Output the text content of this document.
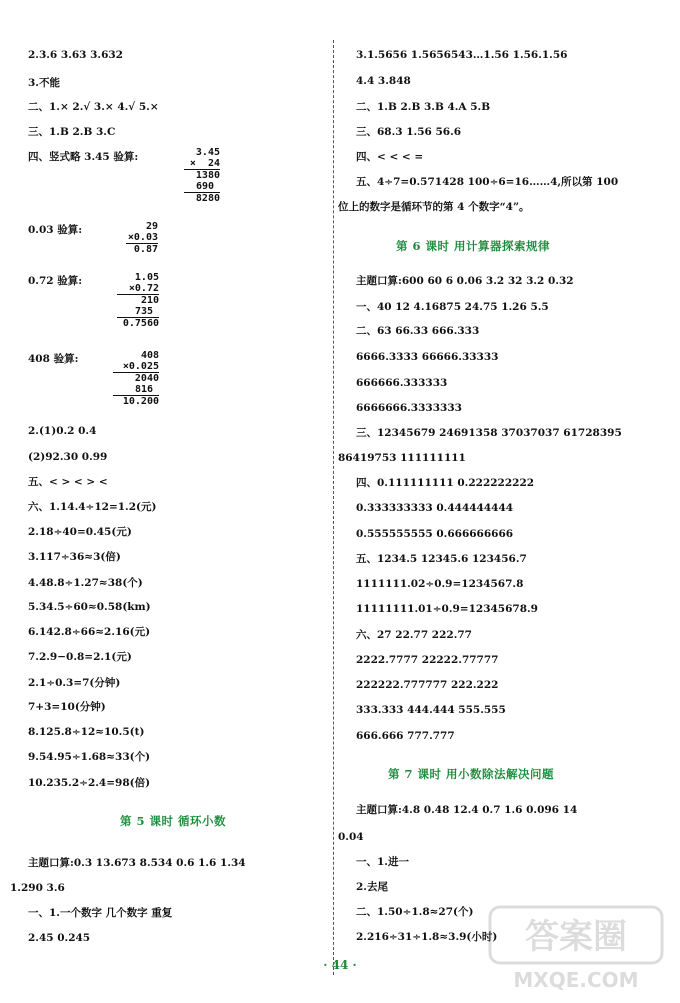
2.3.6 3.63 3.632
3.不能
二、1.× 2.√ 3.× 4.√ 5.×
三、1.B 2.B 3.C
四、竖式略 3.45 验算:	3.45
×  24
1380
690
8280
0.03 验算:	29
×0.03
0.87
0.72 验算:	1.05
×0.72
210
735
0.7560
408 验算:	408
×0.025
2040
816
10.200
2.(1)0.2 0.4
(2)92.30 0.99
五、< > < > <
六、1.14.4÷12=1.2(元)
2.18÷40=0.45(元)
3.117÷36≈3(倍)
4.48.8÷1.27≈38(个)
5.34.5÷60≈0.58(km)
6.142.8÷66≈2.16(元)
7.2.9−0.8=2.1(元)
2.1÷0.3=7(分钟)
7+3=10(分钟)
8.125.8÷12≈10.5(t)
9.54.95÷1.68≈33(个)
10.235.2÷2.4=98(倍)
第 5 课时 循环小数
主题口算:0.3 13.673 8.534 0.6 1.6 1.34
1.290 3.6
一、1.一个数字 几个数字 重复
2.45 0.245
3.1.5656 1.5656543…1.56 1.56.1.56
4.4 3.848
二、1.B 2.B 3.B 4.A 5.B
三、68.3 1.56 56.6
四、< < < =
五、4÷7=0.571428 100÷6=16……4,所以第 100
位上的数字是循环节的第 4 个数字“4”。
第 6 课时 用计算器探索规律
主题口算:600 60 6 0.06 3.2 32 3.2 0.32
一、40 12 4.16875 24.75 1.26 5.5
二、63 66.33 666.333
6666.3333 66666.33333
666666.333333
6666666.3333333
三、12345679 24691358 37037037 61728395
86419753 111111111
四、0.111111111 0.222222222
0.333333333 0.444444444
0.555555555 0.666666666
五、1234.5 12345.6 123456.7
1111111.02÷0.9=1234567.8
11111111.01÷0.9=12345678.9
六、27 22.77 222.77
2222.7777 22222.77777
222222.777777 222.222
333.333 444.444 555.555
666.666 777.777
第 7 课时 用小数除法解决问题
主题口算:4.8 0.48 12.4 0.7 1.6 0.096 14
0.04
一、1.进一
2.去尾
二、1.50÷1.8≈27(个)
2.216÷31÷1.8≈3.9(小时)
· 44 ·
答案圈
MXQE.COM
